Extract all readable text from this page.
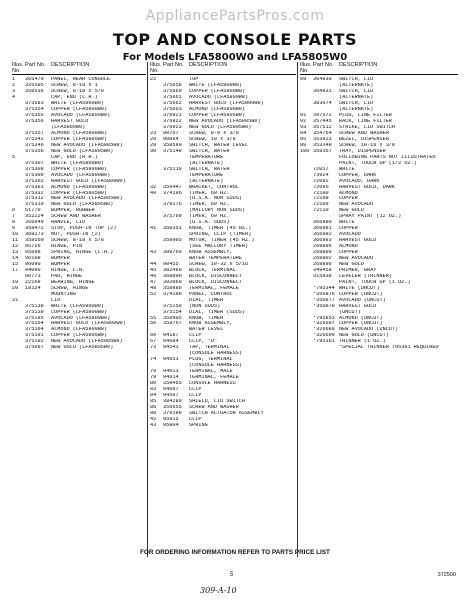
AppliancePartsPros.com
TOP AND CONSOLE PARTS
For Models LFA5800W0 and LFA5805W0
Illus. No.
Part No. DESCRIPTION
1	365470	PANEL, REAR CONSOLE
2	326505	SCREW, 8-18 x 1
3	358536	SCREW, 8-18 x 5/8
4	CAP, END (L.H.)
373583	WHITE (LFA5800W0)
375354	COPPER (LFA5800W0)
375355	AVOCADO (LFA5800W0)
375356	HARVEST GOLD
(LFA5800W0)
375357	ALMOND (LFA5800W0)
375342	COPPER (LFA5805W0)
375346	NEW AVOCADO (LFA5805W0)
375356	NEW GOLD (LFA5805W0)
5	CAP, END (R.H.)
375307	WHITE (LFA5800W0)
375308	COPPER (LFA5800W0)
375309	AVOCADO (LFA5800W0)
375362	HARVEST GOLD (LFA5800W0)
375361	ALMOND (LFA5800W0)
375332	COPPER (LFA5805W0)
375312	NEW AVOCADO (LFA5805W0)
375319	NEW GOLD (LFA5805W0)
6	51770	BUMPER, RUBBER
7	352224	SCREW AND WASHER
8	356049	HANDLE, LID
9	358472	STOP, PUSH-IN TOP (2)
10	368273	NUT, PUSH-IN (2)
11	358560	SCREW, 8-18 x 5/8
12	95726	HINGE, PIN
13	95698	SPRING, HINGE (L.H.)
14	96108	BUMPER
15	96090	BUMPER
17	94090	HINGE, L.H.
96773	PAD, HINGE
19	22168	BEARING, HINGE
20	18124	SCREW, HINGE
MOUNTING
21	LID
375138	WHITE (LFA5800W0)
375139	COPPER (LFA5800W0)
375185	AVOCADO (LFA5800W0)
375164	HARVEST GOLD (LFA5800W0)
375164	ALMOND (LFA5800W0)
375191	COPPER (LFA5805W0)
375192	NEW AVOCADO (LFA5805W0)
375097	NEW GOLD (LFA5805W0)
Illus. No.
Part No. DESCRIPTION
22	TOP
375658	WHITE (LFA5800W0)
375660	COPPER (LFA5800W0)
375661	AVOCADO (LFA5800W0)
375662	HARVEST GOLD (LFA5800W0)
375663	ALMOND (LFA5800W0)
376921	COPPER (LFA5805W0)
376922	NEW AVOCADO (LFA5805W0)
376923	NEW GOLD (LFA5805W0)
23	90767	SCREW, 8-9 x 3/8
28	90864	SCREW, 10 x 3/8
29	358580	SWITCH, WATER LEVEL
30	375149	SWITCH, WATER
TEMPERATURE
(ALTERNATE)
375119	SWITCH, WATER
TEMPERATURE
(ALTERNATE)
32	356447	BRACKET, CONTROL
40	374196	TIMER, 60 HZ.
(U.S.A. NON SUDS)
378176	TIMER, 60 HZ.
(MALLORY NON SUDS)
375769	TIMER, 60 HZ.
(U.S.A. SUDS)
41	350351	KNOB, TIMER (45 HZ.)
SPRING, CLIP (TIMER)
358905	MOTOR, TIMER (45 HZ.)
(SEE MALLORY TIMER)
43	389769	KNOB ASSEMBLY,
WATER TEMPERATURE
44	90455	SCREW, 10-32 x 5/16
45	382489	BLOCK, TERMINAL
46	368090	BLOCK, DISCONNECT
47	392069	BLOCK, DISCONNECT
48	358880	TERMINAL, FEMALE
52	374199	PANEL, CONTROL
DIAL, TIMER
375150	(NON SUDS)
375154	DIAL, TIMER (SUDS)
55	358905	KNOB, TIMER
56	358767	KNOB ASSEMBLY,
WATER LEVEL
66	94187	CLIP
67	94684	CLIP, "U"
73	94541	TAP, TERMINAL
(CONSOLE HARNESS)
74	94651	PLUG, TERMINAL
(CONSOLE HARNESS)
79	94613	TERMINAL, MALE
79	94614	TERMINAL, FEMALE
80	358465	CONSOLE HARNESS
83	94697	CLIP
84	94597	CLIP
85	384289	SHIELD, LID SWITCH
86	356655	SCREW AND WASHER
88	379199	SWITCH ACTUATOR ASSEMBLY
42	95815	CLIP
43	95804	SPRING
Illus. No.
Part No. DESCRIPTION
89	364830	SWITCH, LID
(ALTERNATE)
364831	SWITCH, LID
(ALTERNATE)
383074	SWITCH, LID
(ALTERNATE)
91	397572	PLUG, LINE FILTER
92	357445	RACK, LINE FILTER
93	357512	STRIKE, LID SWITCH
94	354764	SCREW AND WASHER
95	353821	BEZEL, DISPENSER
98	353348	SCREW, 10-16 x 3/8
100 358367	TRAY, DISPENSER
FOLLOWING PARTS NOT ILLUSTRATED
PAINT, TOUCH UP (1/2 OZ.)
72017	WHITE
73924	COPPER, DARK
72092	AVOCADO, DARK
72095	HARVEST GOLD, DARK
72100	ALMOND
72108	COPPER
72109	NEW AVOCADO
72110	NEW GOLD
SPRAY PAINT (12 OZ.)
366980	WHITE
366981	COPPER
366982	AVOCADO
366983	HARVEST GOLD
269896	ALMOND
268899	COPPER
268902	NEW AVOCADO
268896	NEW GOLD
349458	PRIMER, GRAY
315938	LEVELER (THINNER)
PAINT, TOUCH UP (1 OZ.)
*795344 WHITE (UNCUT)
*350876 COPPER (UNCUT)
*350877 AVOCADO (UNCUT)
*350878 HARVEST GOLD
(UNCUT)
*795851 ALMOND (UNCUT)
*326687 COPPER (UNCUT)
*326689 NEW AVOCADO (UNCUT)
*326690 NEW GOLD (UNCUT)
*795361 THINNER (1 OZ.)
*SPECIAL THINNER 795361 REQUIRED
FOR ORDERING INFORMATION REFER TO PARTS PRICE LIST
5	372500
309-A-10
